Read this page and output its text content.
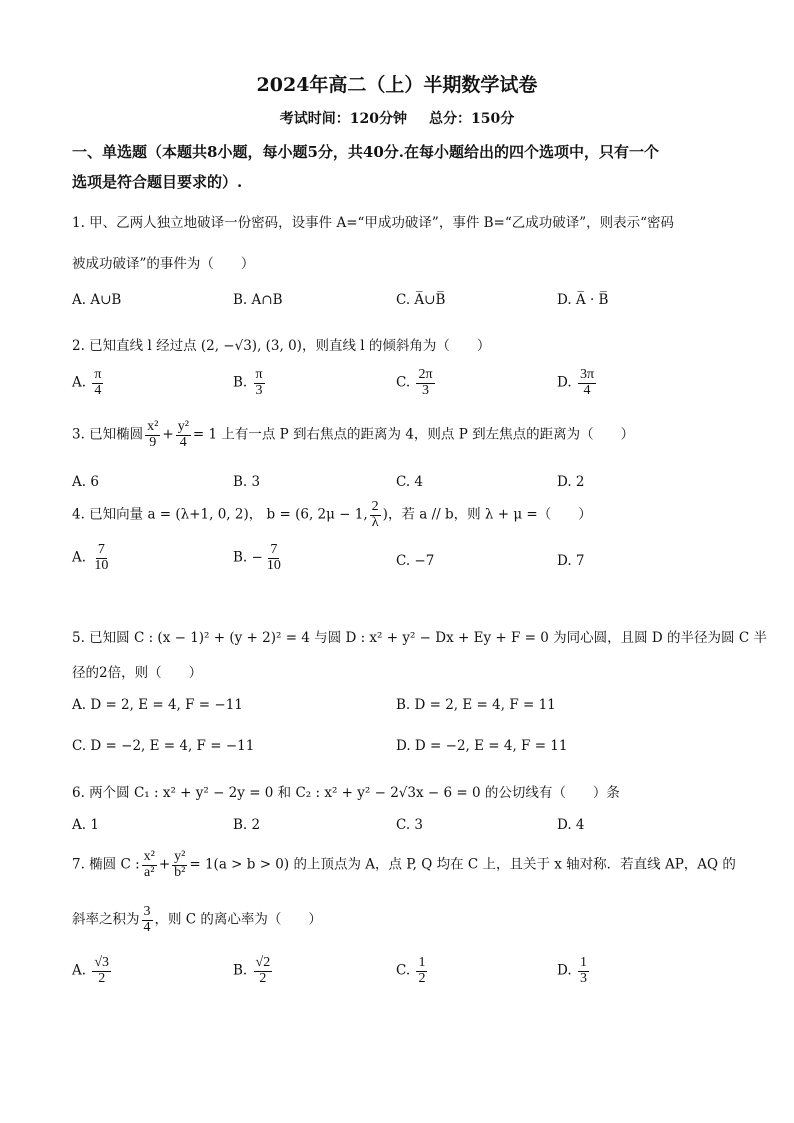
2024年高二（上）半期数学试卷
考试时间：120分钟 总分：150分
一、单选题（本题共8小题，每小题5分，共40分.在每小题给出的四个选项中，只有一个
选项是符合题目要求的）.
1. 甲、乙两人独立地破译一份密码，设事件 A=“甲成功破译”，事件 B=“乙成功破译”，则表示“密码
被成功破译”的事件为（　　）
A. A∪B	B. A∩B	C. A̅∪B̅	D. A̅ · B̅
2. 已知直线 l 经过点 (2, −√3), (3, 0)，则直线 l 的倾斜角为（　　）
A. $\frac{\pi}{4}$	B. $\frac{\pi}{3}$	C. $\frac{2\pi}{3}$	D. $\frac{3\pi}{4}$
3. 已知椭圆 $\frac{\text{x²}}{9} + \frac{\text{y²}}{4} = 1$ 上有一点 P 到右焦点的距离为 4，则点 P 到左焦点的距离为（　　）
A. 6	B. 3	C. 4	D. 2
4. 已知向量 a = (λ+1, 0, 2)， b = (6, 2μ − 1, $\frac{2}{\lambda}$ )，若 a // b，则 λ + μ =（　　）
A. $\frac{7}{10}$	B. − $\frac{7}{10}$	C. −7	D. 7
5. 已知圆 C : (x − 1)² + (y + 2)² = 4 与圆 D : x² + y² − Dx + Ey + F = 0 为同心圆，且圆 D 的半径为圆 C 半
径的2倍，则（　　）
A. D = 2, E = 4, F = −11	B. D = 2, E = 4, F = 11
C. D = −2, E = 4, F = −11	D. D = −2, E = 4, F = 11
6. 两个圆 C₁ : x² + y² − 2y = 0 和 C₂ : x² + y² − 2√3x − 6 = 0 的公切线有（　　）条
A. 1	B. 2	C. 3	D. 4
7. 椭圆 C : $\frac{\text{x²}}{\text{a²}} + \frac{\text{y²}}{\text{b²}} = 1(a > b > 0)$ 的上顶点为 A，点 P, Q 均在 C 上，且关于 x 轴对称．若直线 AP，AQ 的
斜率之积为 $\frac{3}{4}$ ，则 C 的离心率为（　　）
A. $\frac{√3}{2}$	B. $\frac{√2}{2}$	C. $\frac{1}{2}$	D. $\frac{1}{3}$
